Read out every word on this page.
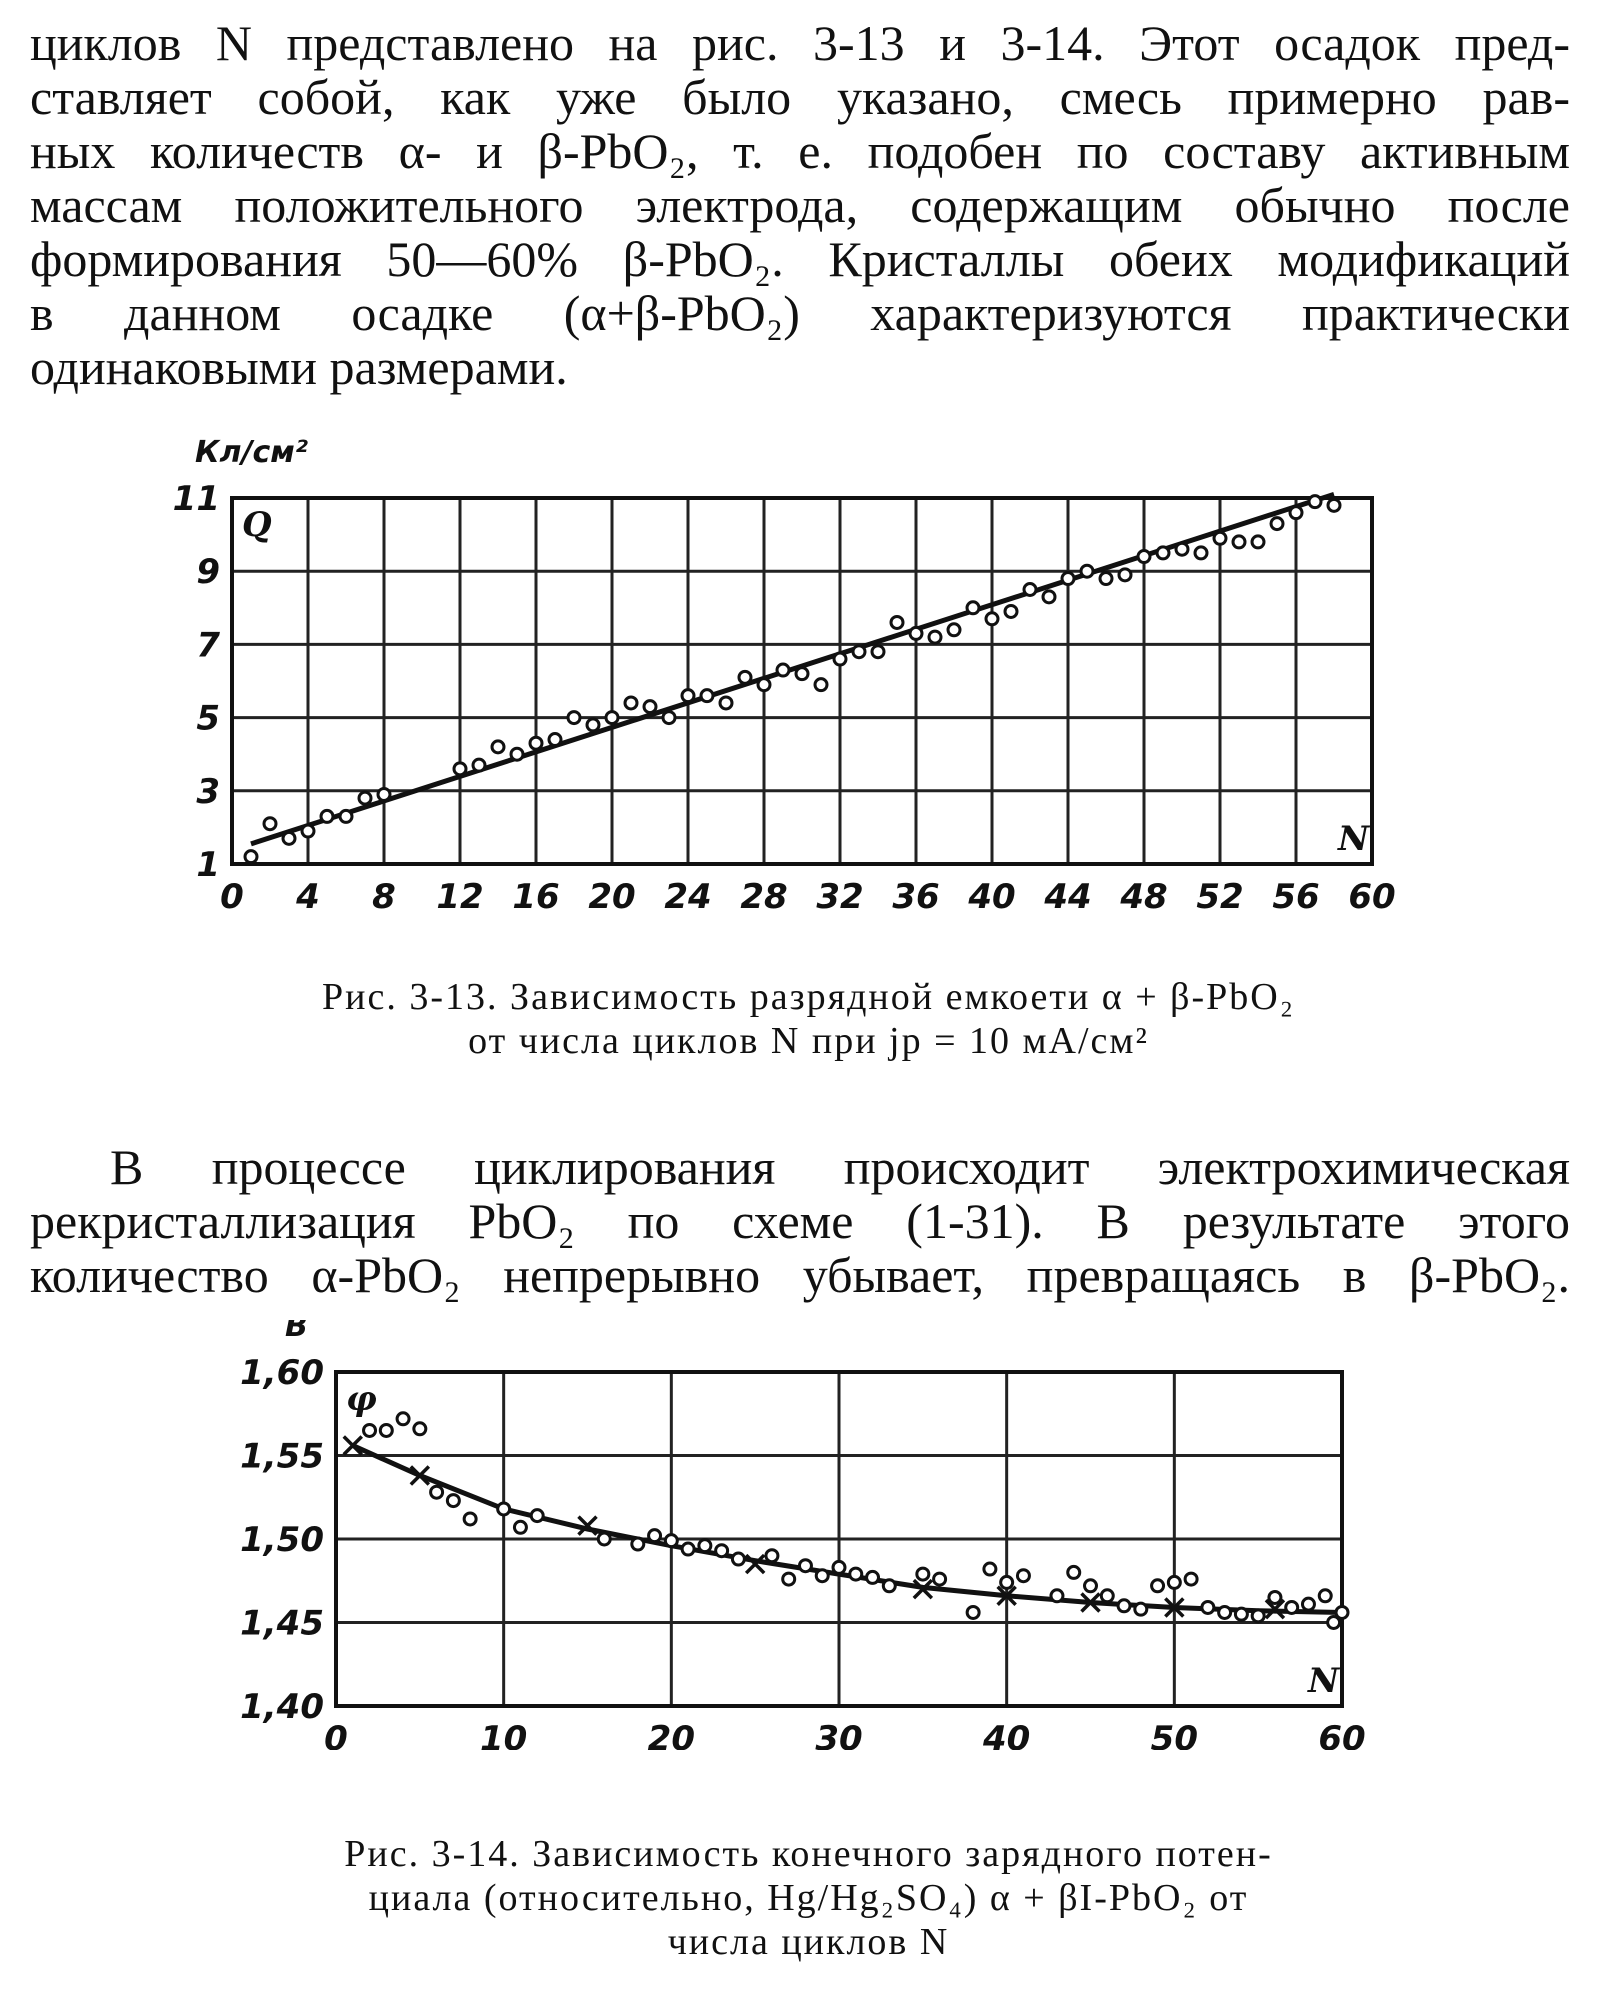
циклов N представлено на рис. 3-13 и 3-14. Этот осадок пред-
ставляет собой, как уже было указано, смесь примерно рав-
ных количеств α- и β-PbO₂, т. е. подобен по составу активным
массам положительного электрода, содержащим обычно после
формирования 50—60% β-PbO₂. Кристаллы обеих модификаций
в данном осадке (α+β-PbO₂) характеризуются практически
одинаковыми размерами.
0 4 8 12 16 20 24 28 32 36 40 44 48 52 56 60
1
3
5
7
9
11
Кл/см²
Q
N
Рис. 3-13. Зависимость разрядной емкоети α + β-PbO₂
от числа циклов N при jp = 10 мА/см²
В процессе циклирования происходит электрохимическая
рекристаллизация PbO₂ по схеме (1-31). В результате этого
количество α-PbO₂ непрерывно убывает, превращаясь в β-PbO₂.
0	10	20	30	40	50	60
1,40
1,45
1,50
1,55
1,60
В
φ
N
Рис. 3-14. Зависимость конечного зарядного потен-
циала (относительно, Hg/Hg₂SO₄) α + βI-PbO₂ от
числа циклов N
